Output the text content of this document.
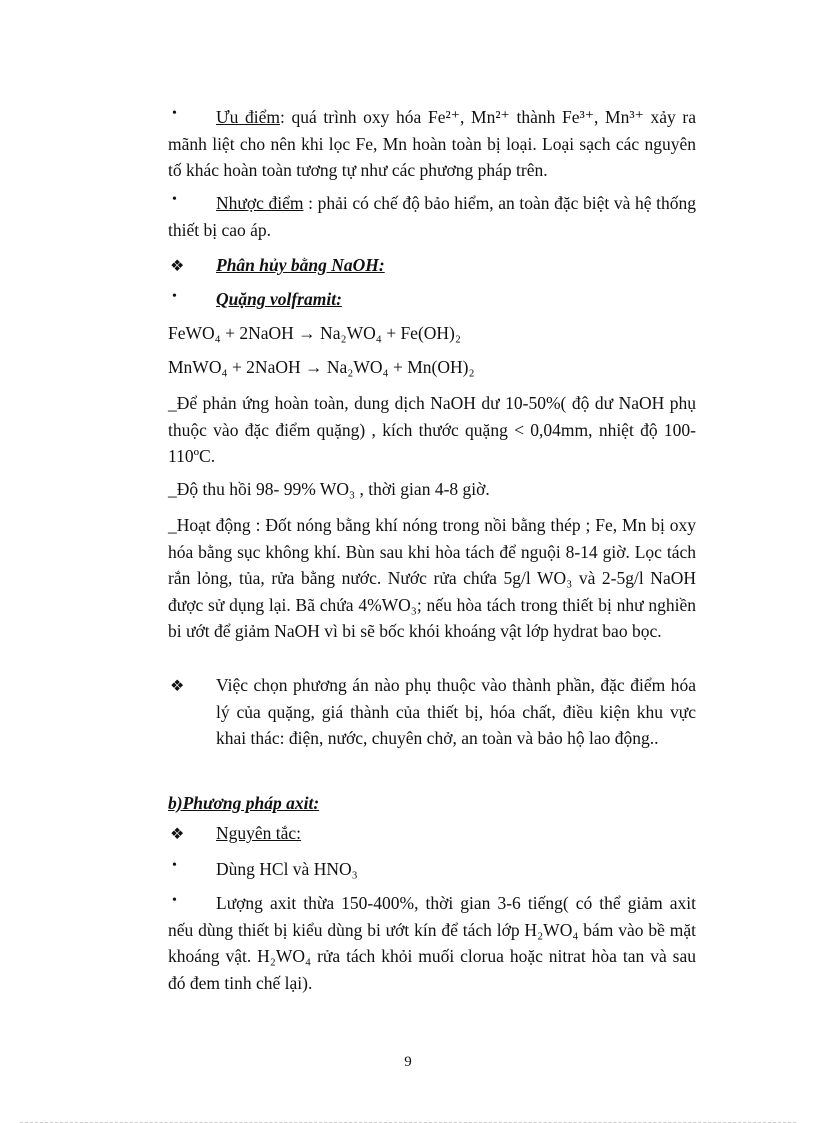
•	Ưu điểm: quá trình oxy hóa Fe²⁺, Mn²⁺ thành Fe³⁺, Mn³⁺ xảy ra mãnh liệt cho nên khi lọc Fe, Mn hoàn toàn bị loại. Loại sạch các nguyên tố khác hoàn toàn tương tự như các phương pháp trên.
•	Nhược điểm : phải có chế độ bảo hiểm, an toàn đặc biệt và hệ thống thiết bị cao áp.
❖ Phân hủy bằng NaOH:
• Quặng volframit:
FeWO₄ + 2NaOH → Na₂WO₄ + Fe(OH)₂
MnWO₄ + 2NaOH → Na₂WO₄ + Mn(OH)₂
_Để phản ứng hoàn toàn, dung dịch NaOH dư 10-50%( độ dư NaOH phụ thuộc vào đặc điểm quặng) , kích thước quặng < 0,04mm, nhiệt độ 100- 110ºC.
_Độ thu hồi 98- 99% WO₃ , thời gian 4-8 giờ.
_Hoạt động : Đốt nóng bằng khí nóng trong nồi bằng thép ; Fe, Mn bị oxy hóa bằng sục không khí. Bùn sau khi hòa tách để nguội 8-14 giờ. Lọc tách rắn lỏng, tủa, rửa bằng nước. Nước rửa chứa 5g/l WO₃ và 2-5g/l NaOH được sử dụng lại. Bã chứa 4%WO₃; nếu hòa tách trong thiết bị như nghiền bi ướt để giảm NaOH vì bi sẽ bốc khói khoáng vật lớp hydrat bao bọc.
❖ Việc chọn phương án nào phụ thuộc vào thành phần, đặc điểm hóa lý của quặng, giá thành của thiết bị, hóa chất, điều kiện khu vực khai thác: điện, nước, chuyên chở, an toàn và bảo hộ lao động..
b)Phương pháp axit:
❖ Nguyên tắc:
• Dùng HCl và HNO₃
•	Lượng axit thừa 150-400%, thời gian 3-6 tiếng( có thể giảm axit nếu dùng thiết bị kiểu dùng bi ướt kín để tách lớp H₂WO₄ bám vào bề mặt khoáng vật. H₂WO₄ rửa tách khỏi muối clorua hoặc nitrat hòa tan và sau đó đem tinh chế lại).
9
